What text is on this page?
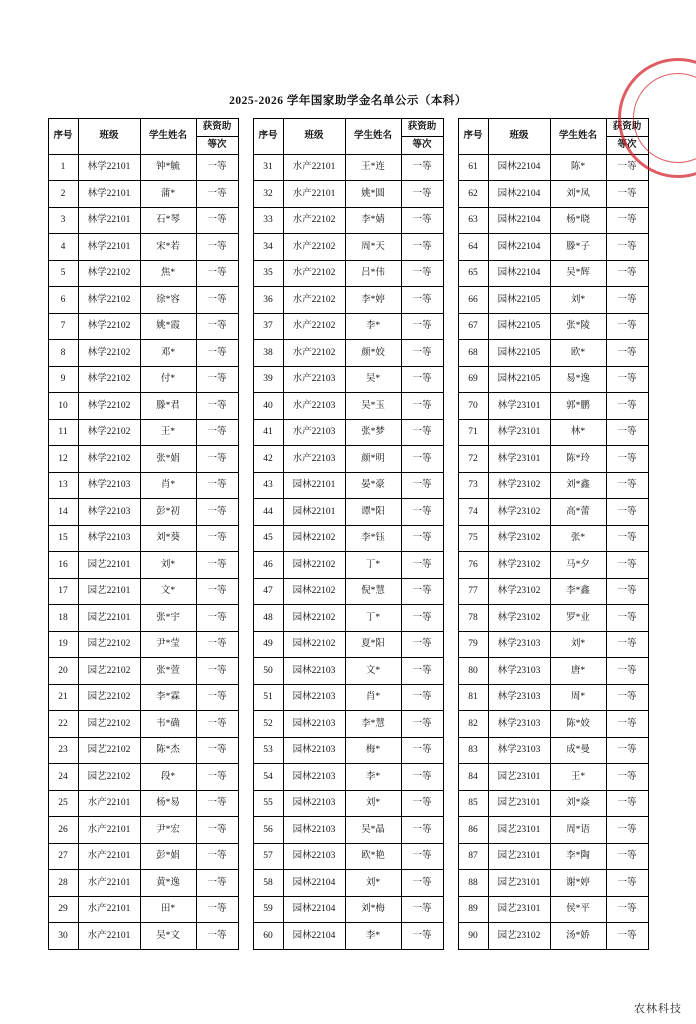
2025-2026 学年国家助学金名单公示（本科）
序号	班级	学生姓名	获资助
等次

1	林学22101	钟*毓	一等
2	林学22101	蒲*	一等
3	林学22101	石*琴	一等
4	林学22101	宋*若	一等
5	林学22102	焦*	一等
6	林学22102	徐*容	一等
7	林学22102	姚*霞	一等
8	林学22102	邓*	一等
9	林学22102	付*	一等
10	林学22102	滕*君	一等
11	林学22102	王*	一等
12	林学22102	张*娟	一等
13	林学22103	肖*	一等
14	林学22103	彭*初	一等
15	林学22103	刘*葵	一等
16	园艺22101	刘*	一等
17	园艺22101	文*	一等
18	园艺22101	张*宇	一等
19	园艺22102	尹*莹	一等
20	园艺22102	张*萱	一等
21	园艺22102	李*霖	一等
22	园艺22102	韦*确	一等
23	园艺22102	陈*杰	一等
24	园艺22102	段*	一等
25	水产22101	杨*易	一等
26	水产22101	尹*宏	一等
27	水产22101	彭*娟	一等
28	水产22101	黄*逸	一等
29	水产22101	田*	一等
30	水产22101	吴*文	一等
序号	班级	学生姓名	获资助
等次

31	水产22101	王*连	一等
32	水产22101	姚*圆	一等
33	水产22102	李*婧	一等
34	水产22102	周*天	一等
35	水产22102	吕*伟	一等
36	水产22102	李*婷	一等
37	水产22102	李*	一等
38	水产22102	颜*姣	一等
39	水产22103	吴*	一等
40	水产22103	吴*玉	一等
41	水产22103	张*梦	一等
42	水产22103	颜*明	一等
43	园林22101	晏*豪	一等
44	园林22101	谭*阳	一等
45	园林22102	李*钰	一等
46	园林22102	丁*	一等
47	园林22102	倪*慧	一等
48	园林22102	丁*	一等
49	园林22102	夏*阳	一等
50	园林22103	文*	一等
51	园林22103	肖*	一等
52	园林22103	李*慧	一等
53	园林22103	梅*	一等
54	园林22103	李*	一等
55	园林22103	刘*	一等
56	园林22103	吴*晶	一等
57	园林22103	欧*艳	一等
58	园林22104	刘*	一等
59	园林22104	刘*梅	一等
60	园林22104	李*	一等
序号	班级	学生姓名	获资助
等次

61	园林22104	陈*	一等
62	园林22104	刘*凤	一等
63	园林22104	杨*晓	一等
64	园林22104	滕*子	一等
65	园林22104	吴*辉	一等
66	园林22105	刘*	一等
67	园林22105	张*陵	一等
68	园林22105	欧*	一等
69	园林22105	易*逸	一等
70	林学23101	郭*鹏	一等
71	林学23101	林*	一等
72	林学23101	陈*玲	一等
73	林学23102	刘*鑫	一等
74	林学23102	高*蕾	一等
75	林学23102	张*	一等
76	林学23102	马*夕	一等
77	林学23102	李*鑫	一等
78	林学23102	罗*业	一等
79	林学23103	刘*	一等
80	林学23103	唐*	一等
81	林学23103	周*	一等
82	林学23103	陈*姣	一等
83	林学23103	成*曼	一等
84	园艺23101	王*	一等
85	园艺23101	刘*焱	一等
86	园艺23101	周*语	一等
87	园艺23101	李*陶	一等
88	园艺23101	谢*婷	一等
89	园艺23101	侯*平	一等
90	园艺23102	汤*娇	一等
农林科技
